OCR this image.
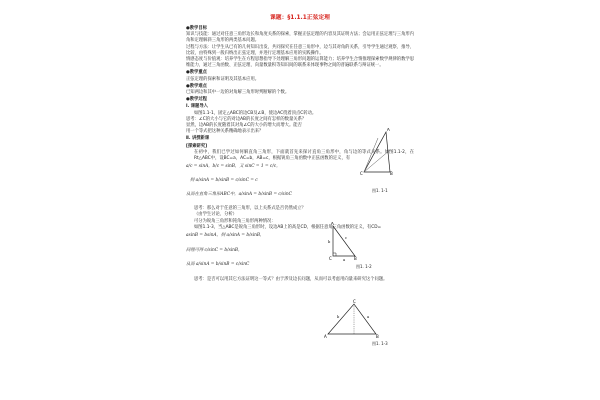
课题：§1.1.1正弦定理
●教学目标

知识与技能：通过对任意三角形边长和角度关系的探索，掌握正弦定理的内容及其证明方法；会运用正弦定理与三角形内角和定理解斜三角形的两类基本问题。

过程与方法：让学生从已有的几何知识出发，共同探究在任意三角形中，边与其对角的关系，引导学生通过观察、推导、比较，由特殊到一般归纳出正弦定理，并进行定理基本应用的实践操作。

情感态度与价值观：培养学生在方程思想指导下处理解三角形问题的运算能力；培养学生合情推理探索数学规律的数学思维能力，通过三角函数、正弦定理、向量数量积等知识间的联系来体现事物之间的普遍联系与辩证统一。

●教学重点

正弦定理的探索和证明及其基本应用。

●教学难点

已知两边和其中一边的对角解三角形时判断解的个数。

●教学过程
Ⅰ. 课题导入

如图1.1-1，固定△ABC的边CB及∠B，使边AC绕着顶点C转动。

思考：∠C的大小与它的对边AB的长度之间有怎样的数量关系？

显然，边AB的长度随着其对角∠C的大小的增大而增大。能否

用一个等式把这种关系精确地表示出来？

Ⅱ. 讲授新课
[探索研究]

在初中，我们已学过如何解直角三角形，下面就首先来探讨直角三角形中，角与边的等式关系。如图1.1-2，在Rt△ABC中，设BC=a，AC=b，AB=c，根据锐角三角函数中正弦函数的定义，有

a/c = sinA，b/c = sinB，又 sinC = 1 = c/c，
则 a/sinA = b/sinB = c/sinC = c
从而在直角三角形ABC中，a/sinA = b/sinB = c/sinC

思考：那么对于任意的三角形，以上关系式是否仍然成立？

（由学生讨论、分析）

可分为锐角三角形和钝角三角形两种情况：

如图1.1-3，当△ABC是锐角三角形时，设边AB上的高是CD，根据任意角三角函数的定义，有CD=

asinB = bsinA，则 a/sinA = b/sinB，
同理可得 c/sinC = b/sinB，
从而 a/sinA = b/sinB = c/sinC

思考：是否可以用其它方法证明这一等式？由于涉及边长问题，从而可以考虑用向量来研究这个问题。

A
C	B
图1. 1-1
A
C	B
b
c
a
图1. 1-2
C
A	B
b	a
图1. 1-3
